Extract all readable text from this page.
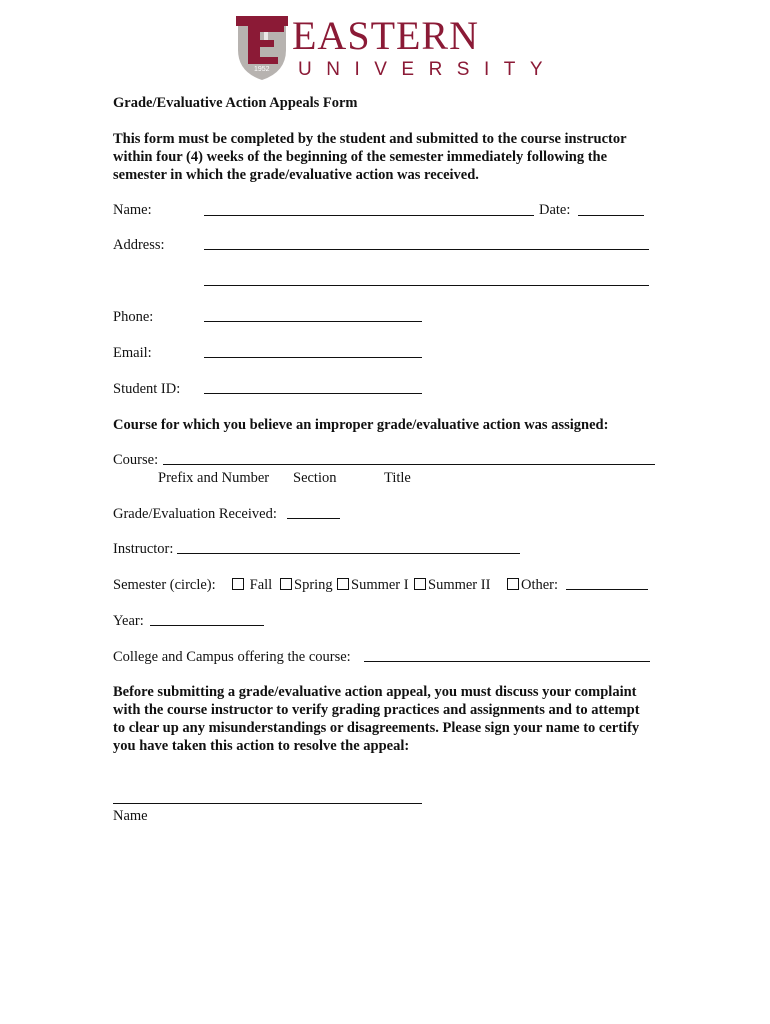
1952
EASTERN
UNIVERSITY
Grade/Evaluative Action Appeals Form
This form must be completed by the student and submitted to the course instructor within four (4) weeks of the beginning of the semester immediately following the semester in which the grade/evaluative action was received.
Name:	Date:
Address:
Phone:
Email:
Student ID:
Course for which you believe an improper grade/evaluative action was assigned:
Course:
Prefix and Number Section	Title
Grade/Evaluation Received:
Instructor:
Semester (circle):	Fall	Spring	Summer I	Summer II	Other:
Year:
College and Campus offering the course:
Before submitting a grade/evaluative action appeal, you must discuss your complaint with the course instructor to verify grading practices and assignments and to attempt to clear up any misunderstandings or disagreements. Please sign your name to certify you have taken this action to resolve the appeal:
Name
